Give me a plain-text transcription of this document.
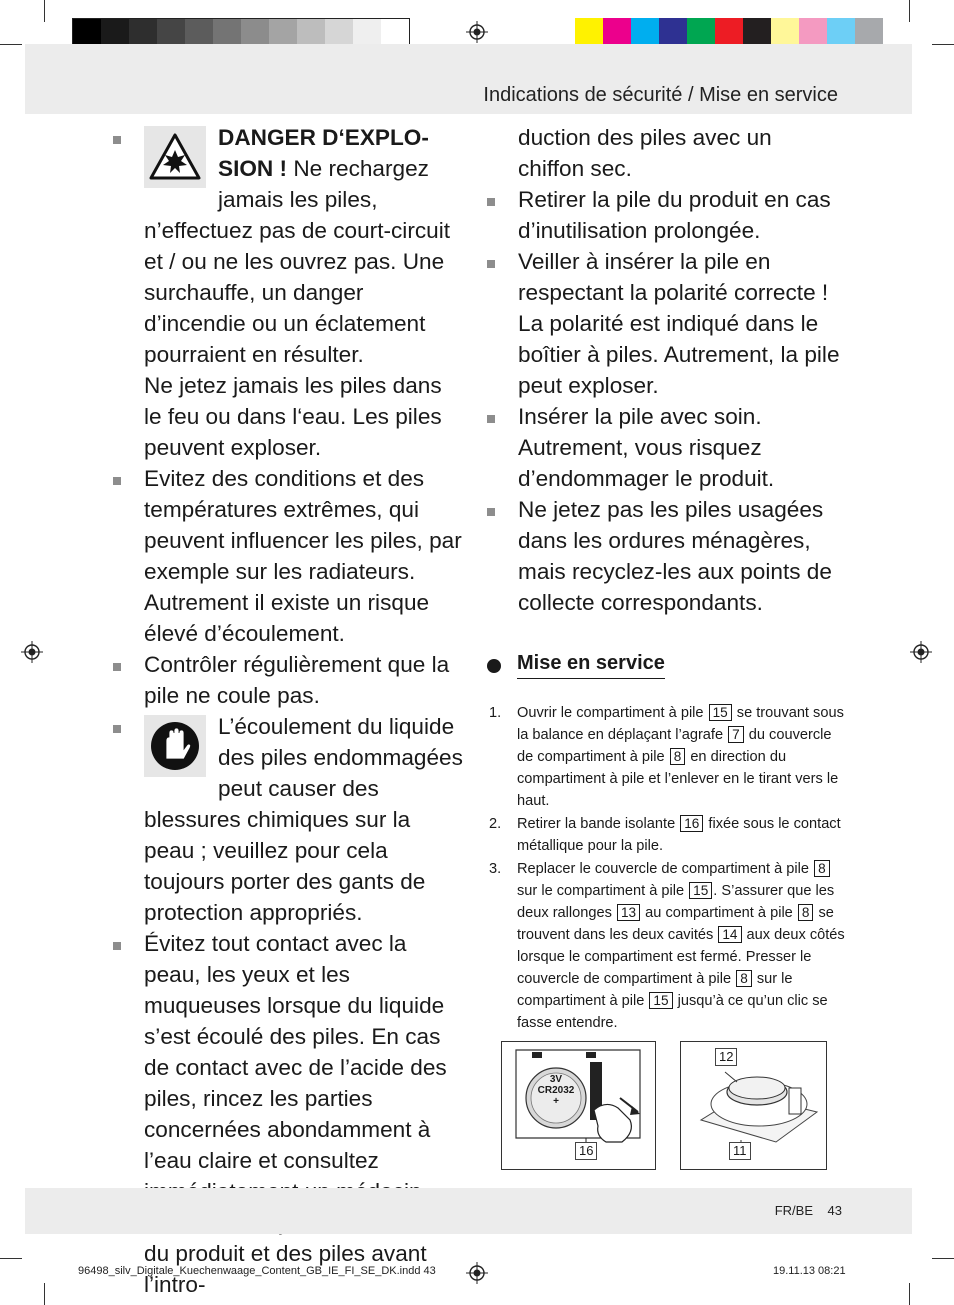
Indications de sécurité / Mise en service
DANGER D‘EXPLO-SION ! Ne rechargez jamais les piles, n’effectuez pas de court-circuit et / ou ne les ouvrez pas. Une surchauffe, un danger d’incendie ou un éclatement pourraient en résulter.
Ne jetez jamais les piles dans le feu ou dans l‘eau. Les piles peuvent exploser.
Evitez des conditions et des températures extrêmes, qui peuvent influencer les piles, par exemple sur les radiateurs. Autrement il existe un risque élevé d’écoulement.
Contrôler régulièrement que la pile ne coule pas.
L’écoulement du liquide des piles endommagées peut causer des blessures chimiques sur la peau ; veuillez pour cela toujours porter des gants de protection appropriés.
Évitez tout contact avec la peau, les yeux et les muqueuses lorsque du liquide s’est écoulé des piles. En cas de contact avec de l’acide des piles, rincez les parties concernées abondamment à l’eau claire et consultez
du produit et des piles avant l’intro-
duction des piles avec un chiffon sec.
Retirer la pile du produit en cas d’inutilisation prolongée.
Veiller à insérer la pile en respectant la polarité correcte ! La polarité est indiqué dans le boîtier à piles. Autrement, la pile peut exploser.
Insérer la pile avec soin. Autrement, vous risquez d’endommager le produit.
Ne jetez pas les piles usagées dans les ordures ménagères, mais recyclez-les aux points de collecte correspondants.
Mise en service
1. Ouvrir le compartiment à pile 15 se trouvant sous la balance en déplaçant l’agrafe 7 du couvercle de compartiment à pile 8 en direction du compartiment à pile et l’enlever en le tirant vers le haut.
2. Retirer la bande isolante 16 fixée sous le contact métallique pour la pile.
3. Replacer le couvercle de compartiment à pile 8 sur le compartiment à pile 15 . S’assurer que les deux rallonges 13 au compartiment à pile 8 se trouvent dans les deux cavités 14 aux deux côtés lorsque le compartiment est fermé. Presser le couvercle de compartiment à pile 8 sur le compartiment à pile 15 jusqu’à ce qu’un clic se fasse entendre.
3V
CR2032
+
16
12
11
FR/BE 43
96498_silv_Digitale_Kuechenwaage_Content_GB_IE_FI_SE_DK.indd 43	19.11.13 08:21
